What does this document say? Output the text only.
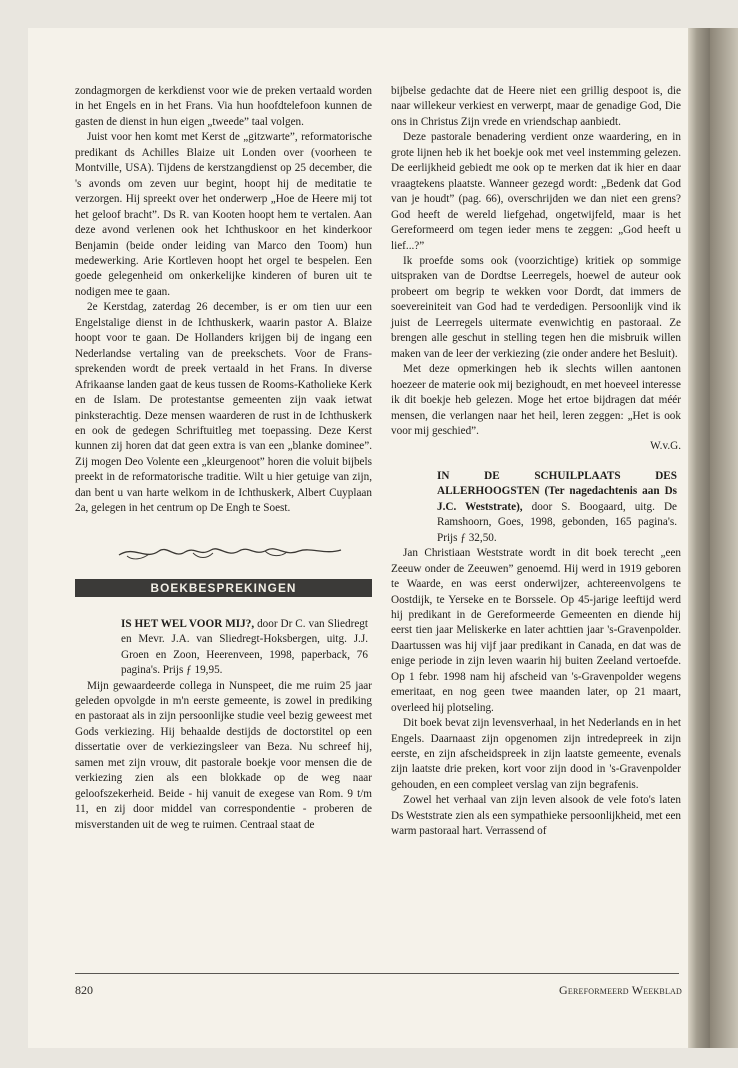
zondagmorgen de kerkdienst voor wie de preken vertaald worden in het Engels en in het Frans. Via hun hoofdtelefoon kunnen de gasten de dienst in hun eigen „tweede” taal volgen.

Juist voor hen komt met Kerst de „gitzwarte”, reformatorische predikant ds Achilles Blaize uit Londen over (voorheen te Montville, USA). Tijdens de kerstzangdienst op 25 december, die 's avonds om zeven uur begint, hoopt hij de meditatie te verzorgen. Hij spreekt over het onderwerp „Hoe de Heere mij tot het geloof bracht”. Ds R. van Kooten hoopt hem te vertalen. Aan deze avond verlenen ook het Ichthuskoor en het kinderkoor Benjamin (beide onder leiding van Marco den Toom) hun medewerking. Arie Kortleven hoopt het orgel te bespelen. Een goede gelegenheid om onkerkelijke kinderen of buren uit te nodigen mee te gaan.

2e Kerstdag, zaterdag 26 december, is er om tien uur een Engelstalige dienst in de Ichthuskerk, waarin pastor A. Blaize hoopt voor te gaan. De Hollanders krijgen bij de ingang een Nederlandse vertaling van de preekschets. Voor de Frans-sprekenden wordt de preek vertaald in het Frans. In diverse Afrikaanse landen gaat de keus tussen de Rooms-Katholieke Kerk en de Islam. De protestantse gemeenten zijn vaak ietwat pinksterachtig. Deze mensen waarderen de rust in de Ichthuskerk en ook de gedegen Schriftuitleg met toepassing. Deze Kerst kunnen zij horen dat dat geen extra is van een „blanke dominee”. Zij mogen Deo Volente een „kleurgenoot” horen die voluit bijbels preekt in de reformatorische traditie. Wilt u hier getuige van zijn, dan bent u van harte welkom in de Ichthuskerk, Albert Cuyplaan 2a, gelegen in het centrum op De Engh te Soest.

BOEKBESPREKINGEN

IS HET WEL VOOR MIJ?, door Dr C. van Sliedregt en Mevr. J.A. van Sliedregt-Hoksbergen, uitg. J.J. Groen en Zoon, Heerenveen, 1998, paperback, 76 pagina's. Prijs ƒ 19,95.

Mijn gewaardeerde collega in Nunspeet, die me ruim 25 jaar geleden opvolgde in m'n eerste gemeente, is zowel in prediking en pastoraat als in zijn persoonlijke studie veel bezig geweest met Gods verkiezing. Hij behaalde destijds de doctorstitel op een dissertatie over de verkiezingsleer van Beza. Nu schreef hij, samen met zijn vrouw, dit pastorale boekje voor mensen die de verkiezing zien als een blokkade op de weg naar geloofszekerheid. Beide - hij vanuit de exegese van Rom. 9 t/m 11, en zij door middel van correspondentie - proberen de misverstanden uit de weg te ruimen. Centraal staat de

bijbelse gedachte dat de Heere niet een grillig despoot is, die naar willekeur verkiest en verwerpt, maar de genadige God, Die ons in Christus Zijn vrede en vriendschap aanbiedt.

Deze pastorale benadering verdient onze waardering, en in grote lijnen heb ik het boekje ook met veel instemming gelezen. De eerlijkheid gebiedt me ook op te merken dat ik hier en daar vraagtekens plaatste. Wanneer gezegd wordt: „Bedenk dat God van je houdt” (pag. 66), overschrijden we dan niet een grens? God heeft de wereld liefgehad, ongetwijfeld, maar is het Gereformeerd om tegen ieder mens te zeggen: „God heeft u lief...?”

Ik proefde soms ook (voorzichtige) kritiek op sommige uitspraken van de Dordtse Leerregels, hoewel de auteur ook probeert om begrip te wekken voor Dordt, dat immers de soevereiniteit van God had te verdedigen. Persoonlijk vind ik juist de Leerregels uitermate evenwichtig en pastoraal. Ze brengen alle geschut in stelling tegen hen die misbruik willen maken van de leer der verkiezing (zie onder andere het Besluit).

Met deze opmerkingen heb ik slechts willen aantonen hoezeer de materie ook mij bezighoudt, en met hoeveel interesse ik dit boekje heb gelezen. Moge het ertoe bijdragen dat méér mensen, die verlangen naar het heil, leren zeggen: „Het is ook voor mij geschied”.

W.v.G.

IN DE SCHUILPLAATS DES ALLERHOOGSTEN (Ter nagedachtenis aan Ds J.C. Weststrate), door S. Boogaard, uitg. De Ramshoorn, Goes, 1998, gebonden, 165 pagina's. Prijs ƒ 32,50.

Jan Christiaan Weststrate wordt in dit boek terecht „een Zeeuw onder de Zeeuwen” genoemd. Hij werd in 1919 geboren te Waarde, en was eerst onderwijzer, achtereenvolgens te Oostdijk, te Yerseke en te Borssele. Op 45-jarige leeftijd werd hij predikant in de Gereformeerde Gemeenten en diende hij eerst tien jaar Meliskerke en later achttien jaar 's-Gravenpolder. Daartussen was hij vijf jaar predikant in Canada, en dat was de enige periode in zijn leven waarin hij buiten Zeeland vertoefde. Op 1 febr. 1998 nam hij afscheid van 's-Gravenpolder wegens emeritaat, en nog geen twee maanden later, op 21 maart, overleed hij plotseling.

Dit boek bevat zijn levensverhaal, in het Nederlands en in het Engels. Daarnaast zijn opgenomen zijn intredepreek in zijn eerste, en zijn afscheidspreek in zijn laatste gemeente, evenals zijn laatste drie preken, kort voor zijn dood in 's-Gravenpolder gehouden, en een compleet verslag van zijn begrafenis.

Zowel het verhaal van zijn leven alsook de vele foto's laten Ds Weststrate zien als een sympathieke persoonlijkheid, met een warm pastoraal hart. Verrassend of

820	Gereformeerd Weekblad
